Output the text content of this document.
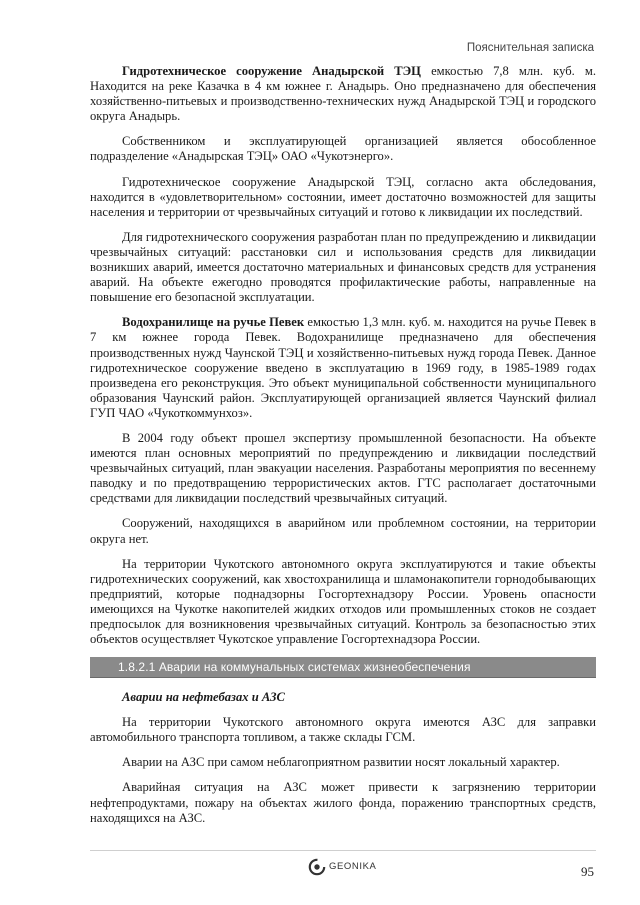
Пояснительная записка

Гидротехническое сооружение Анадырской ТЭЦ емкостью 7,8 млн. куб. м. Находится на реке Казачка в 4 км южнее г. Анадырь. Оно предназначено для обеспечения хозяйственно-питьевых и производственно-технических нужд Анадырской ТЭЦ и городского округа Анадырь.

Собственником и эксплуатирующей организацией является обособленное подразделение «Анадырская ТЭЦ» ОАО «Чукотэнерго».

Гидротехническое сооружение Анадырской ТЭЦ, согласно акта обследования, находится в «удовлетворительном» состоянии, имеет достаточно возможностей для защиты населения и территории от чрезвычайных ситуаций и готово к ликвидации их последствий.

Для гидротехнического сооружения разработан план по предупреждению и ликвидации чрезвычайных ситуаций: расстановки сил и использования средств для ликвидации возникших аварий, имеется достаточно материальных и финансовых средств для устранения аварий. На объекте ежегодно проводятся профилактические работы, направленные на повышение его безопасной эксплуатации.

Водохранилище на ручье Певек емкостью 1,3 млн. куб. м. находится на ручье Певек в 7 км южнее города Певек. Водохранилище предназначено для обеспечения производственных нужд Чаунской ТЭЦ и хозяйственно-питьевых нужд города Певек. Данное гидротехническое сооружение введено в эксплуатацию в 1969 году, в 1985-1989 годах произведена его реконструкция. Это объект муниципальной собственности муниципального образования Чаунский район. Эксплуатирующей организацией является Чаунский филиал ГУП ЧАО «Чукоткоммунхоз».

В 2004 году объект прошел экспертизу промышленной безопасности. На объекте имеются план основных мероприятий по предупреждению и ликвидации последствий чрезвычайных ситуаций, план эвакуации населения. Разработаны мероприятия по весеннему паводку и по предотвращению террористических актов. ГТС располагает достаточными средствами для ликвидации последствий чрезвычайных ситуаций.

Сооружений, находящихся в аварийном или проблемном состоянии, на территории округа нет.

На территории Чукотского автономного округа эксплуатируются и такие объекты гидротехнических сооружений, как хвостохранилища и шламонакопители горнодобывающих предприятий, которые поднадзорны Госгортехнадзору России. Уровень опасности имеющихся на Чукотке накопителей жидких отходов или промышленных стоков не создает предпосылок для возникновения чрезвычайных ситуаций. Контроль за безопасностью этих объектов осуществляет Чукотское управление Госгортехнадзора России.

1.8.2.1 Аварии на коммунальных системах жизнеобеспечения
Аварии на нефтебазах и АЗС

На территории Чукотского автономного округа имеются АЗС для заправки автомобильного транспорта топливом, а также склады ГСМ.

Аварии на АЗС при самом неблагоприятном развитии носят локальный характер.

Аварийная ситуация на АЗС может привести к загрязнению территории нефтепродуктами, пожару на объектах жилого фонда, поражению транспортных средств, находящихся на АЗС.

GEONIKA	95
